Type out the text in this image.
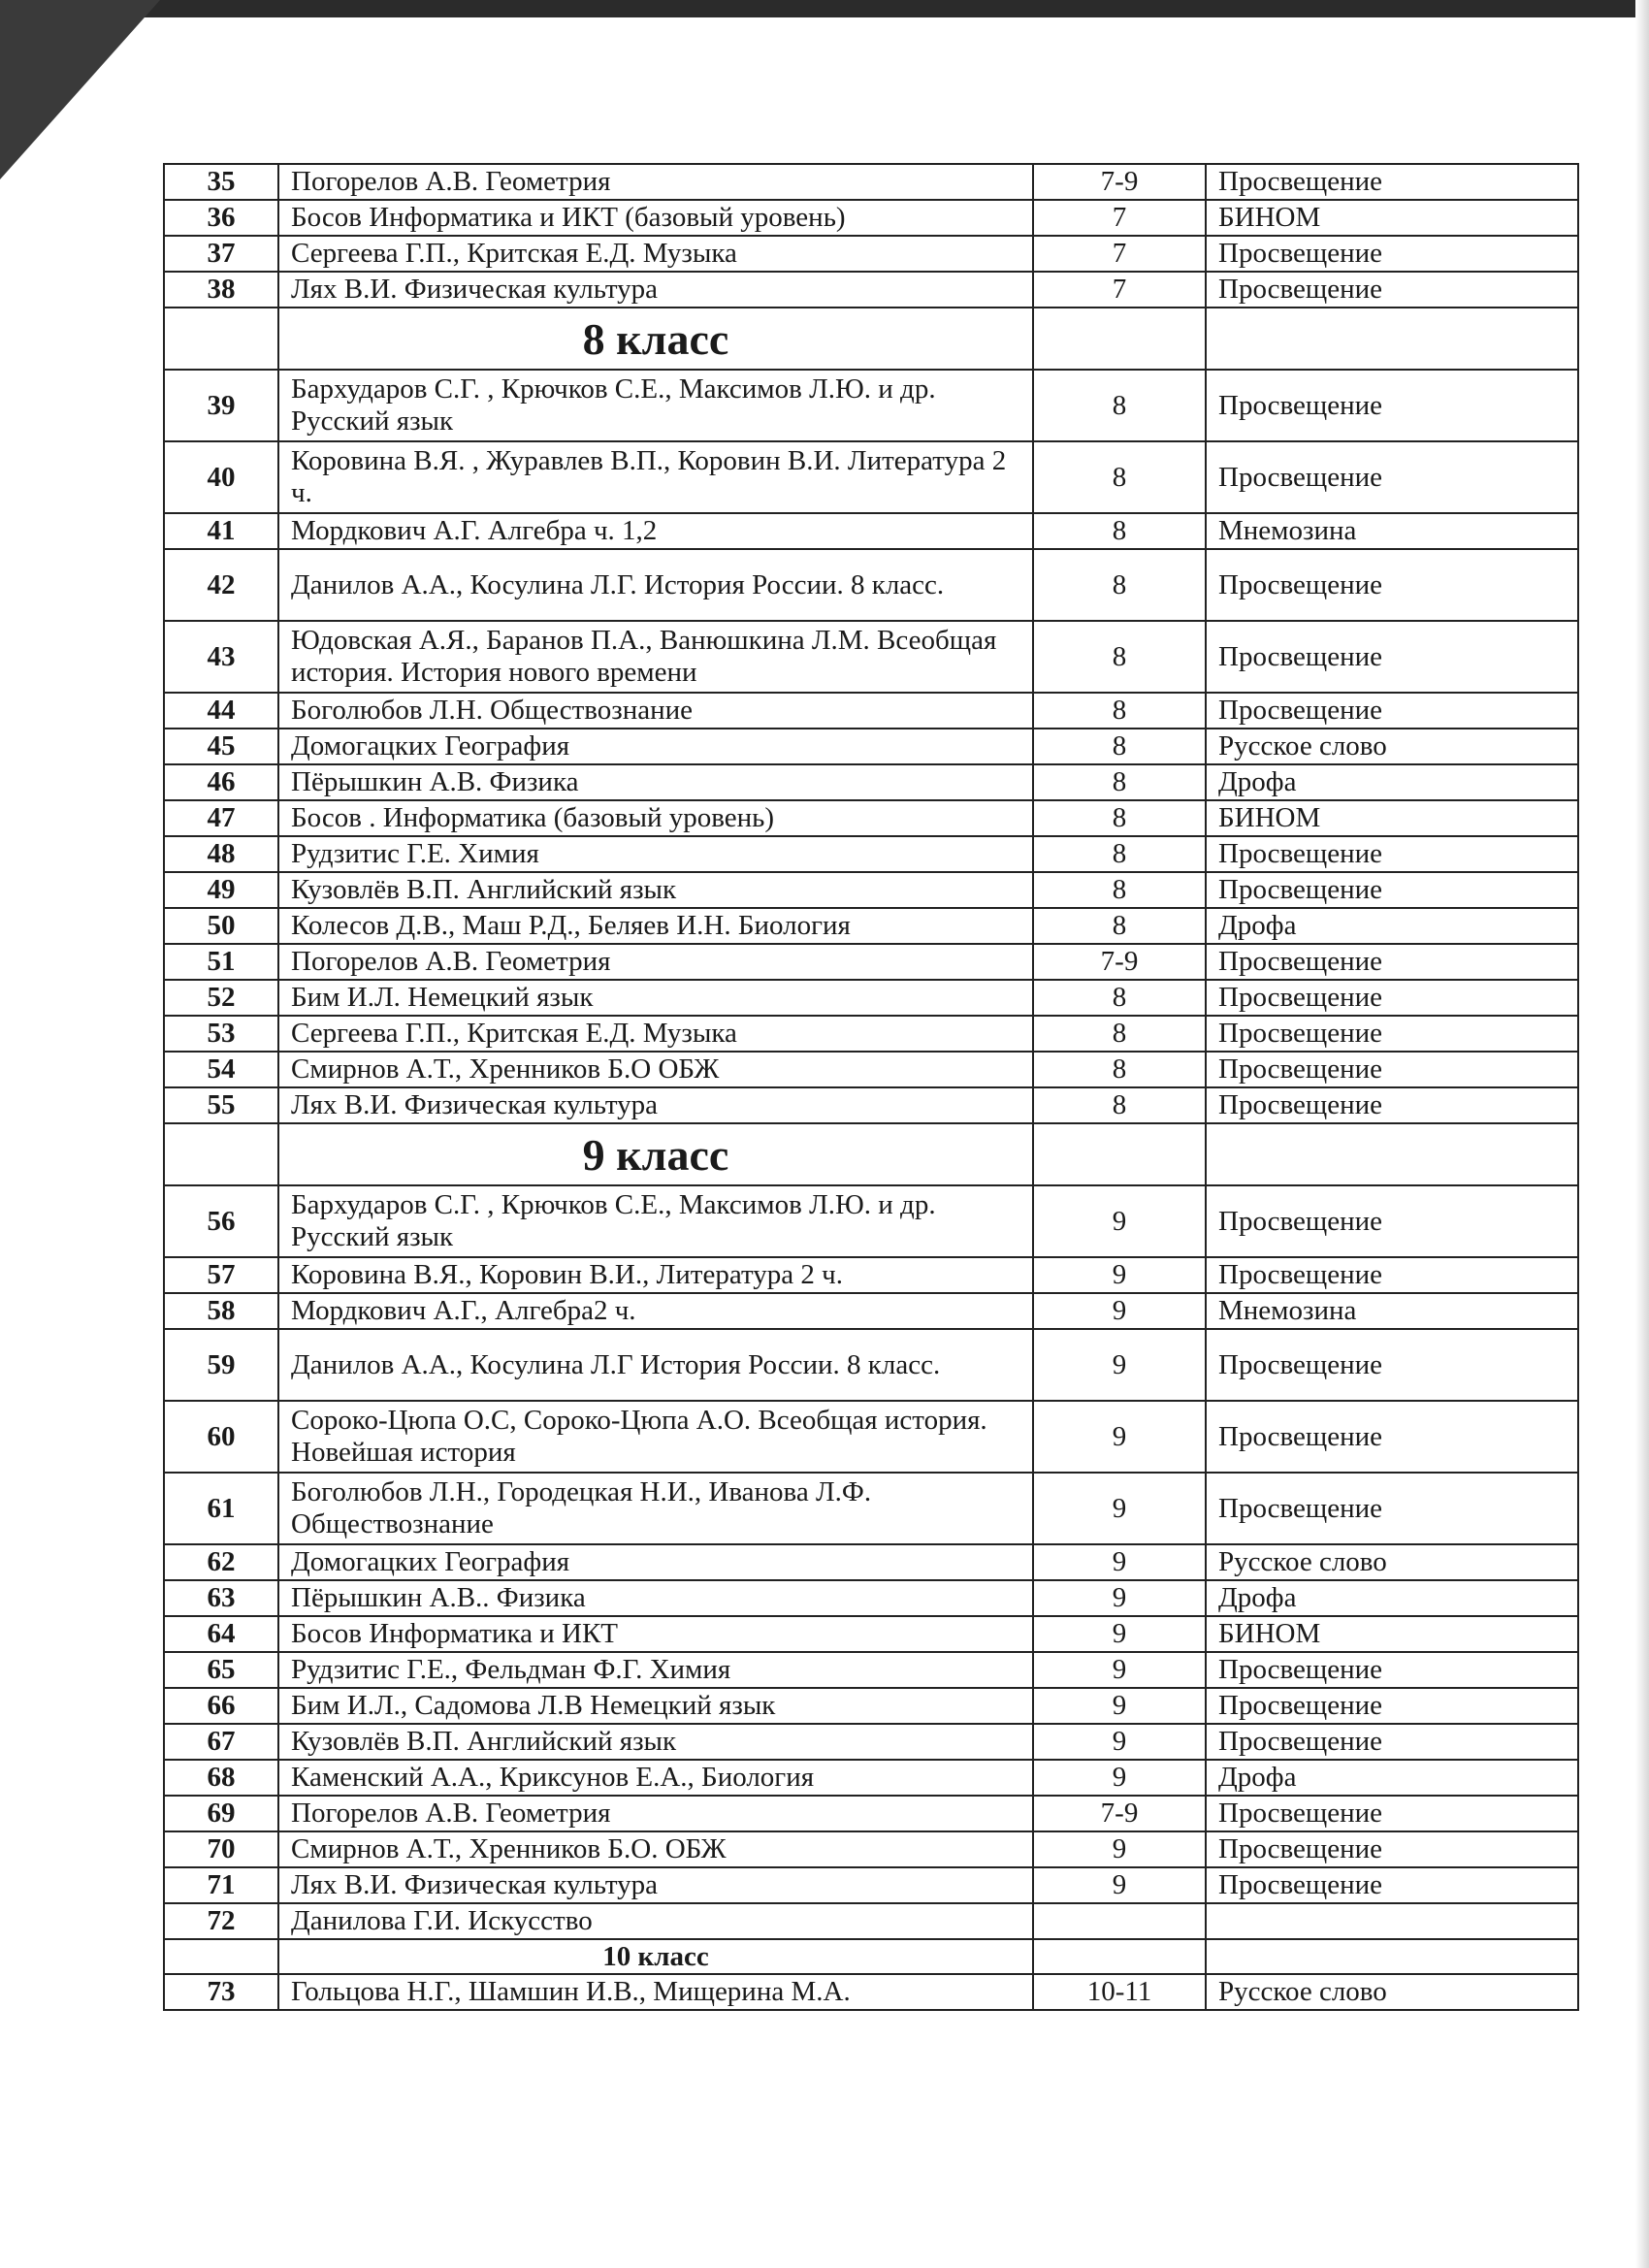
35	Погорелов А.В. Геометрия	7-9	Просвещение
36	Босов Информатика и ИКТ (базовый уровень)	7	БИНОМ
37	Сергеева Г.П., Критская Е.Д. Музыка	7	Просвещение
38	Лях В.И. Физическая культура	7	Просвещение
	8 класс		
39	Бархударов С.Г. , Крючков С.Е., Максимов Л.Ю. и др. Русский язык	8	Просвещение
40	Коровина В.Я. , Журавлев В.П., Коровин В.И. Литература 2 ч.	8	Просвещение
41	Мордкович А.Г. Алгебра ч. 1,2	8	Мнемозина
42	Данилов А.А., Косулина Л.Г. История России. 8 класс.	8	Просвещение
43	Юдовская А.Я., Баранов П.А., Ванюшкина Л.М. Всеобщая история. История нового времени	8	Просвещение
44	Боголюбов Л.Н. Обществознание	8	Просвещение
45	Домогацких География	8	Русское слово
46	Пёрышкин А.В. Физика	8	Дрофа
47	Босов . Информатика (базовый уровень)	8	БИНОМ
48	Рудзитис Г.Е. Химия	8	Просвещение
49	Кузовлёв В.П. Английский язык	8	Просвещение
50	Колесов Д.В., Маш Р.Д., Беляев И.Н. Биология	8	Дрофа
51	Погорелов А.В. Геометрия	7-9	Просвещение
52	Бим И.Л. Немецкий язык	8	Просвещение
53	Сергеева Г.П., Критская Е.Д. Музыка	8	Просвещение
54	Смирнов А.Т., Хренников Б.О ОБЖ	8	Просвещение
55	Лях В.И. Физическая культура	8	Просвещение
	9 класс		
56	Бархударов С.Г. , Крючков С.Е., Максимов Л.Ю. и др. Русский язык	9	Просвещение
57	Коровина В.Я., Коровин В.И., Литература 2 ч.	9	Просвещение
58	Мордкович А.Г., Алгебра2 ч.	9	Мнемозина
59	Данилов А.А., Косулина Л.Г История России. 8 класс.	9	Просвещение
60	Сороко-Цюпа О.С, Сороко-Цюпа А.О. Всеобщая история. Новейшая история	9	Просвещение
61	Боголюбов Л.Н., Городецкая Н.И., Иванова Л.Ф. Обществознание	9	Просвещение
62	Домогацких География	9	Русское слово
63	Пёрышкин А.В.. Физика	9	Дрофа
64	Босов Информатика и ИКТ	9	БИНОМ
65	Рудзитис Г.Е., Фельдман Ф.Г. Химия	9	Просвещение
66	Бим И.Л., Садомова Л.В Немецкий язык	9	Просвещение
67	Кузовлёв В.П. Английский язык	9	Просвещение
68	Каменский А.А., Криксунов Е.А., Биология	9	Дрофа
69	Погорелов А.В. Геометрия	7-9	Просвещение
70	Смирнов А.Т., Хренников Б.О. ОБЖ	9	Просвещение
71	Лях В.И. Физическая культура	9	Просвещение
72	Данилова Г.И. Искусство		
	10 класс		
73	Гольцова Н.Г., Шамшин И.В., Мищерина М.А.	10-11	Русское слово
